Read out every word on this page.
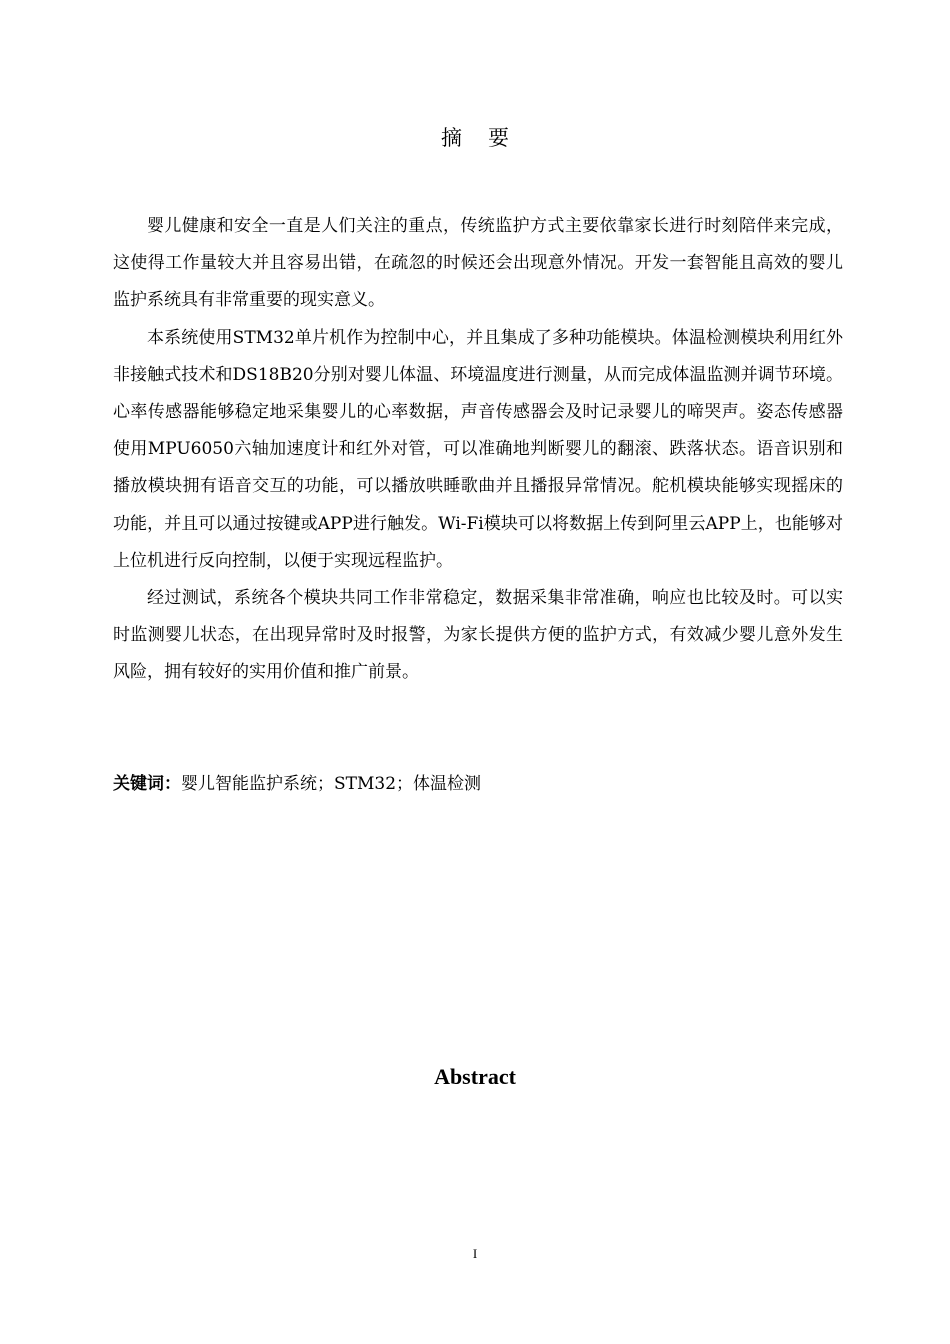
摘要

婴儿健康和安全一直是人们关注的重点，传统监护方式主要依靠家长进行时刻陪伴来完成，这使得工作量较大并且容易出错，在疏忽的时候还会出现意外情况。开发一套智能且高效的婴儿监护系统具有非常重要的现实意义。

本系统使用STM32单片机作为控制中心，并且集成了多种功能模块。体温检测模块利用红外非接触式技术和DS18B20分别对婴儿体温、环境温度进行测量，从而完成体温监测并调节环境。心率传感器能够稳定地采集婴儿的心率数据，声音传感器会及时记录婴儿的啼哭声。姿态传感器使用MPU6050六轴加速度计和红外对管，可以准确地判断婴儿的翻滚、跌落状态。语音识别和播放模块拥有语音交互的功能，可以播放哄睡歌曲并且播报异常情况。舵机模块能够实现摇床的功能，并且可以通过按键或APP进行触发。Wi-Fi模块可以将数据上传到阿里云APP上，也能够对上位机进行反向控制，以便于实现远程监护。

经过测试，系统各个模块共同工作非常稳定，数据采集非常准确，响应也比较及时。可以实时监测婴儿状态，在出现异常时及时报警，为家长提供方便的监护方式，有效减少婴儿意外发生风险，拥有较好的实用价值和推广前景。

关键词：婴儿智能监护系统；STM32；体温检测
Abstract
I
